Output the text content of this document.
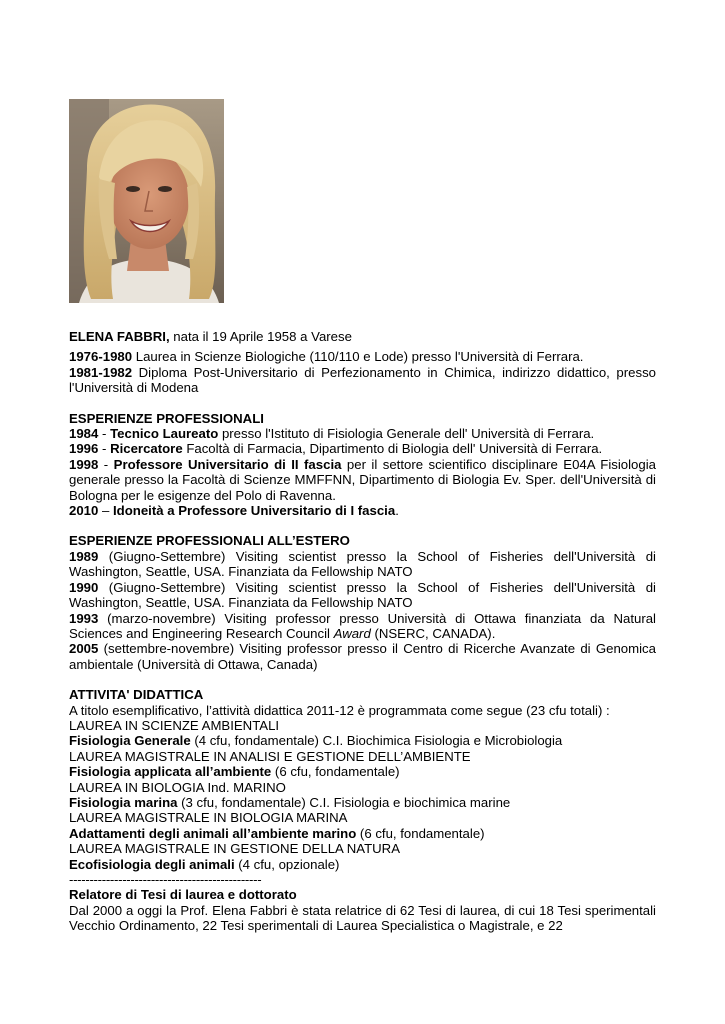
ELENA FABBRI, nata il 19 Aprile 1958 a Varese

1976-1980 Laurea in Scienze Biologiche (110/110 e Lode) presso l'Università di Ferrara.

1981-1982 Diploma Post-Universitario di Perfezionamento in Chimica, indirizzo didattico, presso l'Università di Modena

ESPERIENZE PROFESSIONALI

1984 - Tecnico Laureato presso l'Istituto di Fisiologia Generale dell' Università di Ferrara.

1996 - Ricercatore Facoltà di Farmacia, Dipartimento di Biologia dell' Università di Ferrara.

1998 - Professore Universitario di II fascia per il settore scientifico disciplinare E04A Fisiologia generale presso la Facoltà di Scienze MMFFNN, Dipartimento di Biologia Ev. Sper. dell'Università di Bologna per le esigenze del Polo di Ravenna.

2010 – Idoneità a Professore Universitario di I fascia.

ESPERIENZE PROFESSIONALI ALL’ESTERO

1989 (Giugno-Settembre) Visiting scientist presso la School of Fisheries dell'Università di Washington, Seattle, USA. Finanziata da Fellowship NATO

1990 (Giugno-Settembre) Visiting scientist presso la School of Fisheries dell'Università di Washington, Seattle, USA. Finanziata da Fellowship NATO

1993 (marzo-novembre) Visiting professor presso Università di Ottawa finanziata da Natural Sciences and Engineering Research Council Award (NSERC, CANADA).

2005 (settembre-novembre) Visiting professor presso il Centro di Ricerche Avanzate di Genomica ambientale (Università di Ottawa, Canada)

ATTIVITA' DIDATTICA

A titolo esemplificativo, l’attività didattica 2011-12 è programmata come segue (23 cfu totali) :

LAUREA IN SCIENZE AMBIENTALI

Fisiologia Generale (4 cfu, fondamentale) C.I. Biochimica Fisiologia e Microbiologia

LAUREA MAGISTRALE IN ANALISI E GESTIONE DELL’AMBIENTE

Fisiologia applicata all’ambiente (6 cfu, fondamentale)

LAUREA IN BIOLOGIA Ind. MARINO

Fisiologia marina (3 cfu, fondamentale) C.I. Fisiologia e biochimica marine

LAUREA MAGISTRALE IN BIOLOGIA MARINA

Adattamenti degli animali all’ambiente marino (6 cfu, fondamentale)

LAUREA MAGISTRALE IN GESTIONE DELLA NATURA

Ecofisiologia degli animali (4 cfu, opzionale)

-----------------------------------------------

Relatore di Tesi di laurea e dottorato

Dal 2000 a oggi la Prof. Elena Fabbri è stata relatrice di 62 Tesi di laurea, di cui 18 Tesi sperimentali Vecchio Ordinamento, 22 Tesi sperimentali di Laurea Specialistica o Magistrale, e 22
